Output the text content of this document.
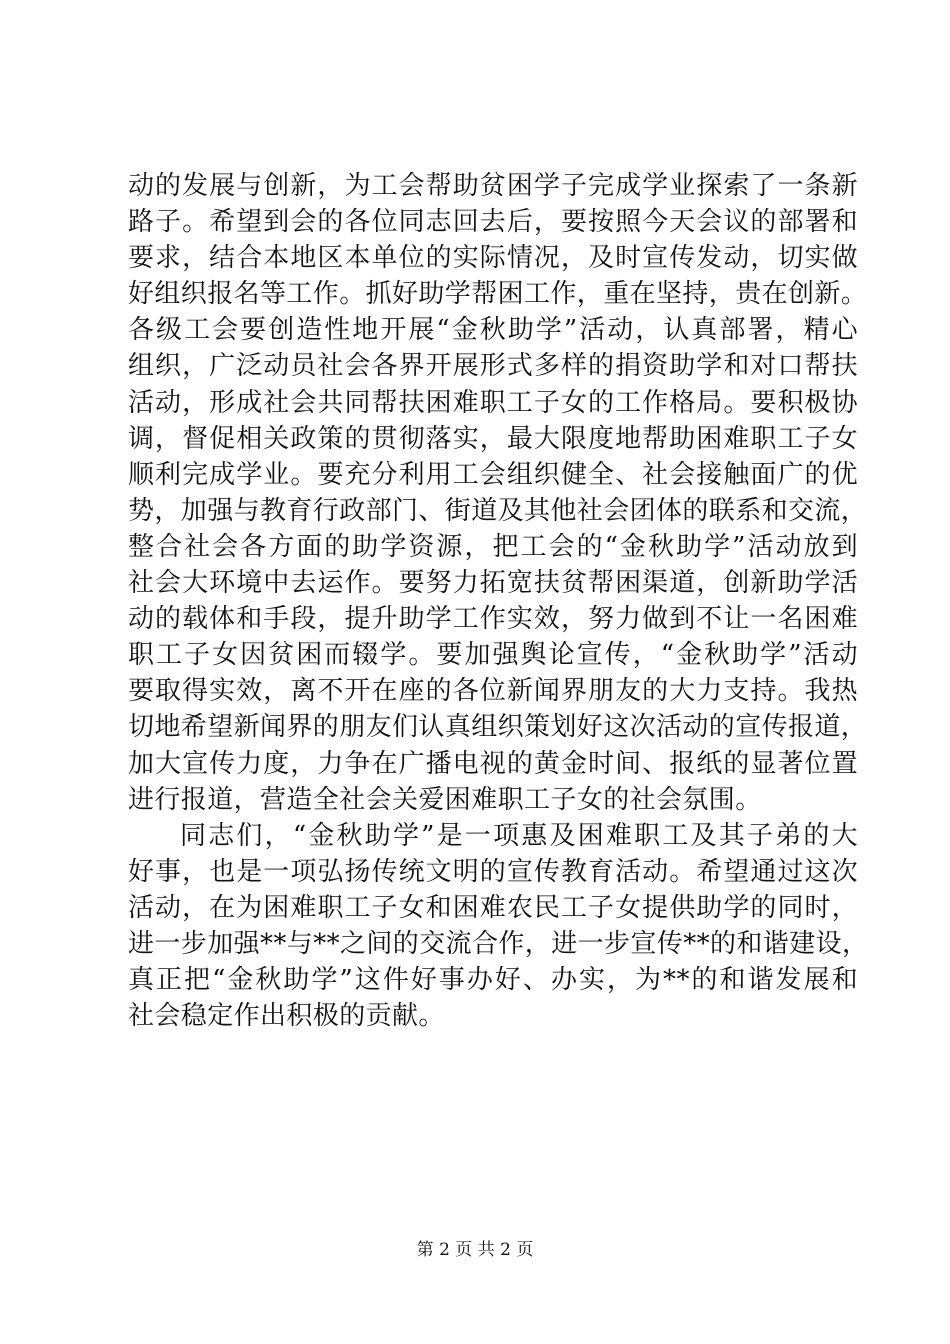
动的发展与创新，为工会帮助贫困学子完成学业探索了一条新
路子。希望到会的各位同志回去后，要按照今天会议的部署和
要求，结合本地区本单位的实际情况，及时宣传发动，切实做
好组织报名等工作。抓好助学帮困工作，重在坚持，贵在创新。
各级工会要创造性地开展“金秋助学”活动，认真部署，精心
组织，广泛动员社会各界开展形式多样的捐资助学和对口帮扶
活动，形成社会共同帮扶困难职工子女的工作格局。要积极协
调，督促相关政策的贯彻落实，最大限度地帮助困难职工子女
顺利完成学业。要充分利用工会组织健全、社会接触面广的优
势，加强与教育行政部门、街道及其他社会团体的联系和交流，
整合社会各方面的助学资源，把工会的“金秋助学”活动放到
社会大环境中去运作。要努力拓宽扶贫帮困渠道，创新助学活
动的载体和手段，提升助学工作实效，努力做到不让一名困难
职工子女因贫困而辍学。要加强舆论宣传，“金秋助学”活动
要取得实效，离不开在座的各位新闻界朋友的大力支持。我热
切地希望新闻界的朋友们认真组织策划好这次活动的宣传报道，
加大宣传力度，力争在广播电视的黄金时间、报纸的显著位置
进行报道，营造全社会关爱困难职工子女的社会氛围。
同志们，“金秋助学”是一项惠及困难职工及其子弟的大
好事，也是一项弘扬传统文明的宣传教育活动。希望通过这次
活动，在为困难职工子女和困难农民工子女提供助学的同时，
进一步加强**与**之间的交流合作，进一步宣传**的和谐建设，
真正把“金秋助学”这件好事办好、办实，为**的和谐发展和
社会稳定作出积极的贡献。
第 2 页 共 2 页
